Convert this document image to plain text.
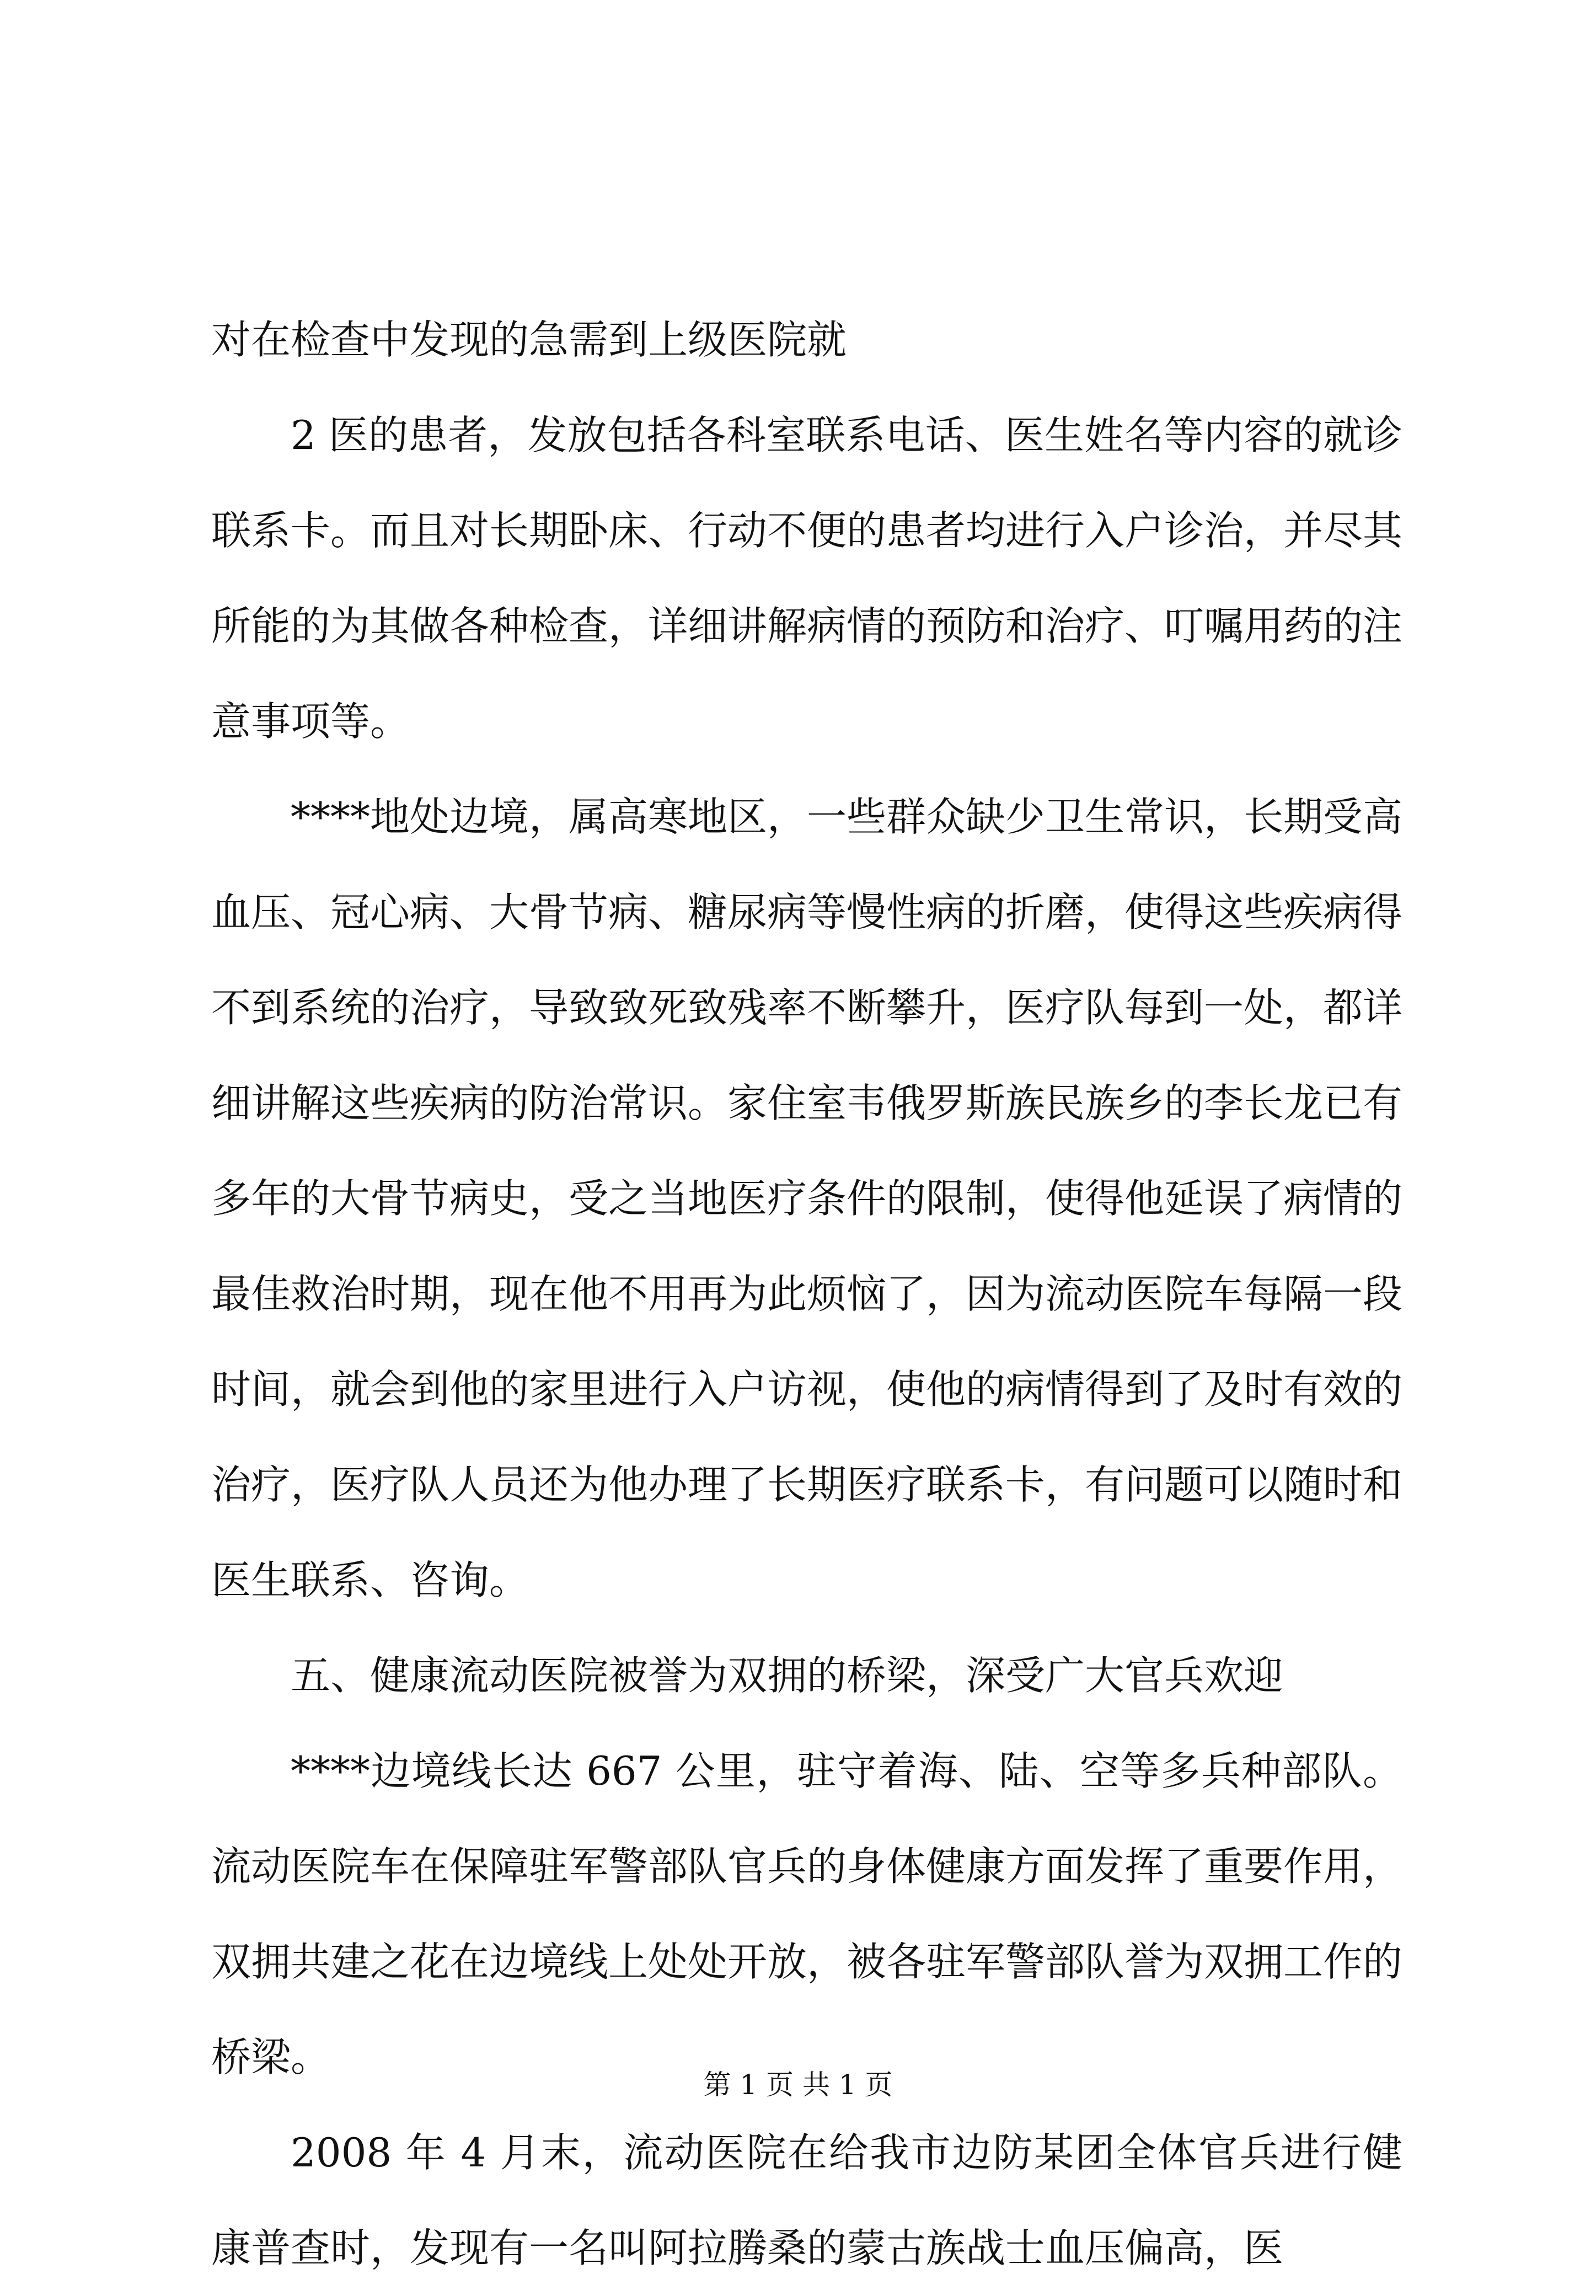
对在检查中发现的急需到上级医院就

2 医的患者，发放包括各科室联系电话、医生姓名等内容的就诊联系卡。而且对长期卧床、行动不便的患者均进行入户诊治，并尽其所能的为其做各种检查，详细讲解病情的预防和治疗、叮嘱用药的注意事项等。

****地处边境，属高寒地区，一些群众缺少卫生常识，长期受高血压、冠心病、大骨节病、糖尿病等慢性病的折磨，使得这些疾病得不到系统的治疗，导致致死致残率不断攀升，医疗队每到一处，都详细讲解这些疾病的防治常识。家住室韦俄罗斯族民族乡的李长龙已有多年的大骨节病史，受之当地医疗条件的限制，使得他延误了病情的最佳救治时期，现在他不用再为此烦恼了，因为流动医院车每隔一段时间，就会到他的家里进行入户访视，使他的病情得到了及时有效的治疗，医疗队人员还为他办理了长期医疗联系卡，有问题可以随时和医生联系、咨询。

五、健康流动医院被誉为双拥的桥梁，深受广大官兵欢迎

****边境线长达 667 公里，驻守着海、陆、空等多兵种部队。流动医院车在保障驻军警部队官兵的身体健康方面发挥了重要作用，双拥共建之花在边境线上处处开放，被各驻军警部队誉为双拥工作的桥梁。

2008 年 4 月末，流动医院在给我市边防某团全体官兵进行健康普查时，发现有一名叫阿拉腾桑的蒙古族战士血压偏高，医

第 1 页 共 1 页
